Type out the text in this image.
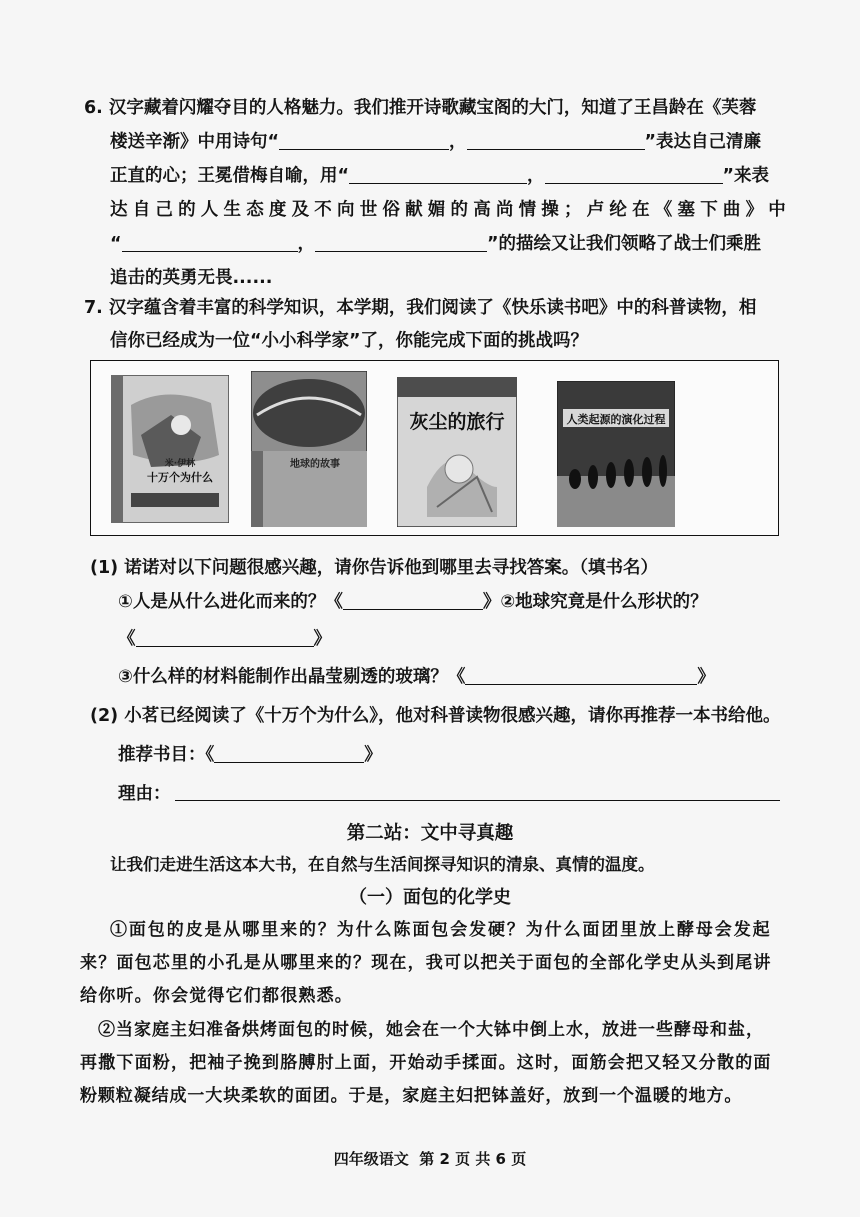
6. 汉字藏着闪耀夺目的人格魅力。我们推开诗歌藏宝阁的大门，知道了王昌龄在《芙蓉
楼送辛渐》中用诗句“	，	”表达自己清廉
正直的心；王冕借梅自喻，用“	，	”来表
达自己的人生态度及不向世俗献媚的高尚情操；卢纶在《塞下曲》中
“	，	”的描绘又让我们领略了战士们乘胜
追击的英勇无畏......
7. 汉字蕴含着丰富的科学知识，本学期，我们阅读了《快乐读书吧》中的科普读物，相
信你已经成为一位“小小科学家”了，你能完成下面的挑战吗？
十万个为什么
米·伊林	地球的故事
灰尘的旅行	人类起源的演化过程
(1) 诺诺对以下问题很感兴趣，请你告诉他到哪里去寻找答案。（填书名）
①人是从什么进化而来的？《	》②地球究竟是什么形状的？
《	》
③什么样的材料能制作出晶莹剔透的玻璃？《	》
(2) 小茗已经阅读了《十万个为什么》，他对科普读物很感兴趣，请你再推荐一本书给他。
推荐书目：《	》
理由：
第二站：文中寻真趣
让我们走进生活这本大书，在自然与生活间探寻知识的清泉、真情的温度。
（一）面包的化学史
①面包的皮是从哪里来的？为什么陈面包会发硬？为什么面团里放上酵母会发起
来？面包芯里的小孔是从哪里来的？现在，我可以把关于面包的全部化学史从头到尾讲
给你听。你会觉得它们都很熟悉。
②当家庭主妇准备烘烤面包的时候，她会在一个大钵中倒上水，放进一些酵母和盐，
再撒下面粉，把袖子挽到胳膊肘上面，开始动手揉面。这时，面筋会把又轻又分散的面
粉颗粒凝结成一大块柔软的面团。于是，家庭主妇把钵盖好，放到一个温暖的地方。
四年级语文  第 2 页 共 6 页
